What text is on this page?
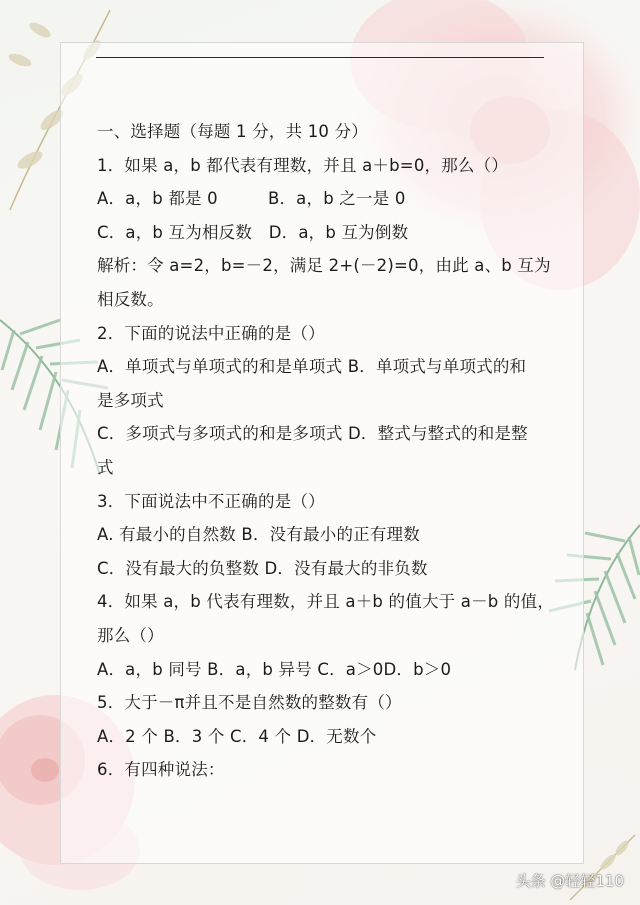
一、选择题（每题 1 分，共 10 分）

1．如果 a，b 都代表有理数，并且 a＋b=0，那么（）

A．a，b 都是 0　　　B．a，b 之一是 0

C．a，b 互为相反数　D．a，b 互为倒数

解析：令 a=2，b=－2，满足 2+(－2)=0，由此 a、b 互为

相反数。

2．下面的说法中正确的是（）

A．单项式与单项式的和是单项式 B．单项式与单项式的和

是多项式

C．多项式与多项式的和是多项式 D．整式与整式的和是整

式

3．下面说法中不正确的是（）

A. 有最小的自然数 B．没有最小的正有理数

C．没有最大的负整数 D．没有最大的非负数

4．如果 a，b 代表有理数，并且 a＋b 的值大于 a－b 的值，

那么（）

A．a，b 同号 B．a，b 异号 C．a＞0D．b＞0

5．大于－π并且不是自然数的整数有（）

A．2 个 B．3 个 C．4 个 D．无数个

6．有四种说法：

头条 @轻轻110
